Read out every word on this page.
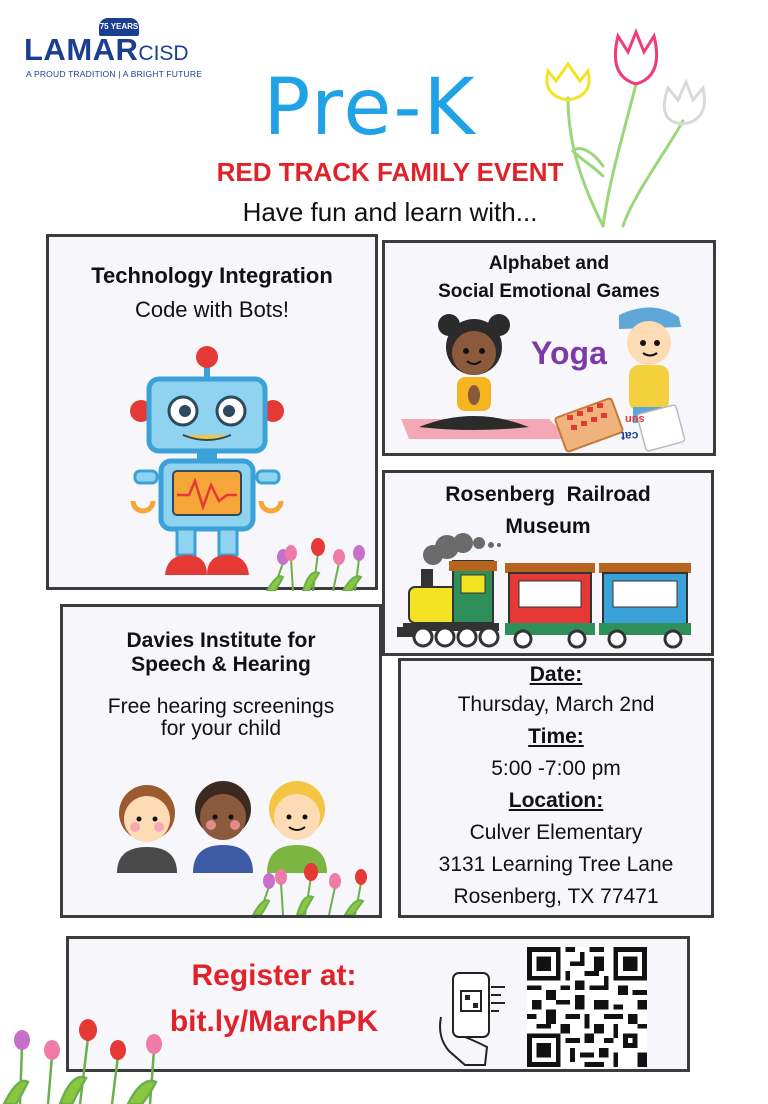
75 YEARS
LAMARCISD
A PROUD TRADITION | A BRIGHT FUTURE Pre-K
RED TRACK FAMILY EVENT
Have fun and learn with...
Technology Integration
Code with Bots!
Alphabet and
Social Emotional Games
Yoga
sun
cat
Rosenberg  Railroad
Museum
Davies Institute for
Speech & Hearing
Free hearing screenings
for your child
Date:
Thursday, March 2nd
Time:
5:00 -7:00 pm
Location:
Culver Elementary
3131 Learning Tree Lane
Rosenberg, TX 77471
Register at:
bit.ly/MarchPK
